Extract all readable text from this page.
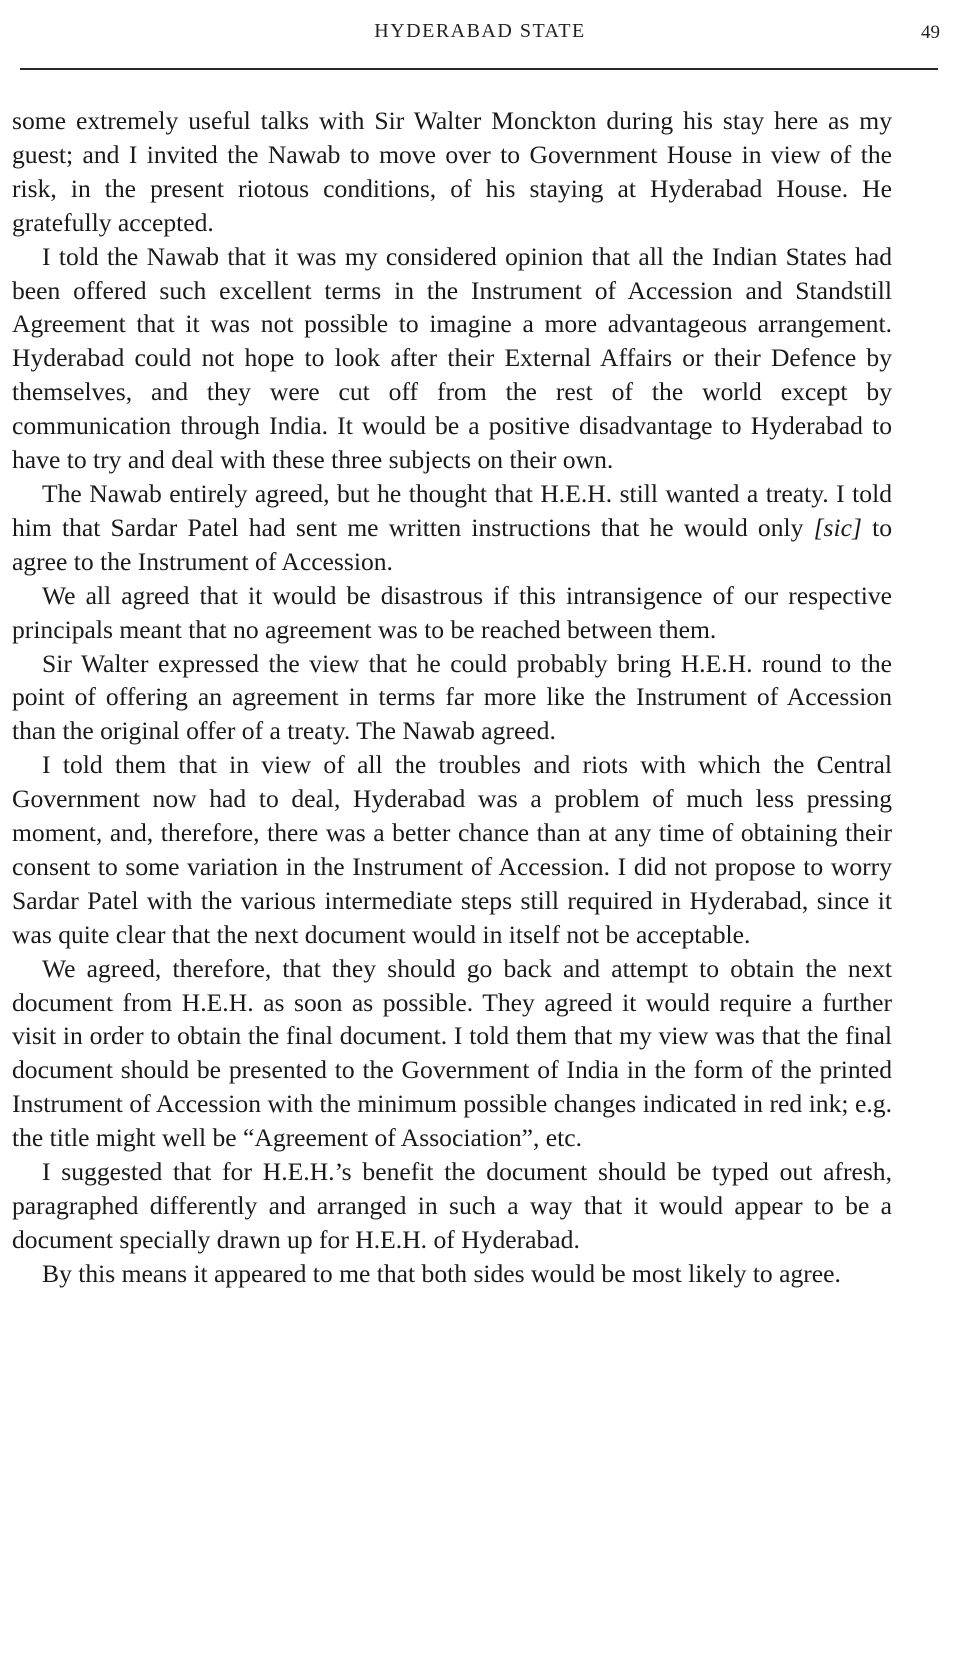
HYDERABAD STATE	49

some extremely useful talks with Sir Walter Monckton during his stay here as my guest; and I invited the Nawab to move over to Government House in view of the risk, in the present riotous conditions, of his staying at Hyderabad House. He gratefully accepted.

I told the Nawab that it was my considered opinion that all the Indian States had been offered such excellent terms in the Instrument of Accession and Standstill Agreement that it was not possible to imagine a more advantageous arrangement. Hyderabad could not hope to look after their External Affairs or their Defence by themselves, and they were cut off from the rest of the world except by communication through India. It would be a positive disadvantage to Hyderabad to have to try and deal with these three subjects on their own.

The Nawab entirely agreed, but he thought that H.E.H. still wanted a treaty. I told him that Sardar Patel had sent me written instructions that he would only [sic] to agree to the Instrument of Accession.

We all agreed that it would be disastrous if this intransigence of our respective principals meant that no agreement was to be reached between them.

Sir Walter expressed the view that he could probably bring H.E.H. round to the point of offering an agreement in terms far more like the Instrument of Accession than the original offer of a treaty. The Nawab agreed.

I told them that in view of all the troubles and riots with which the Central Government now had to deal, Hyderabad was a problem of much less pressing moment, and, therefore, there was a better chance than at any time of obtaining their consent to some variation in the Instrument of Accession. I did not propose to worry Sardar Patel with the various intermediate steps still required in Hyderabad, since it was quite clear that the next document would in itself not be acceptable.

We agreed, therefore, that they should go back and attempt to obtain the next document from H.E.H. as soon as possible. They agreed it would require a further visit in order to obtain the final document. I told them that my view was that the final document should be presented to the Government of India in the form of the printed Instrument of Accession with the minimum possible changes indicated in red ink; e.g. the title might well be “Agreement of Association”, etc.

I suggested that for H.E.H.’s benefit the document should be typed out afresh, paragraphed differently and arranged in such a way that it would appear to be a document specially drawn up for H.E.H. of Hyderabad.

By this means it appeared to me that both sides would be most likely to agree.
